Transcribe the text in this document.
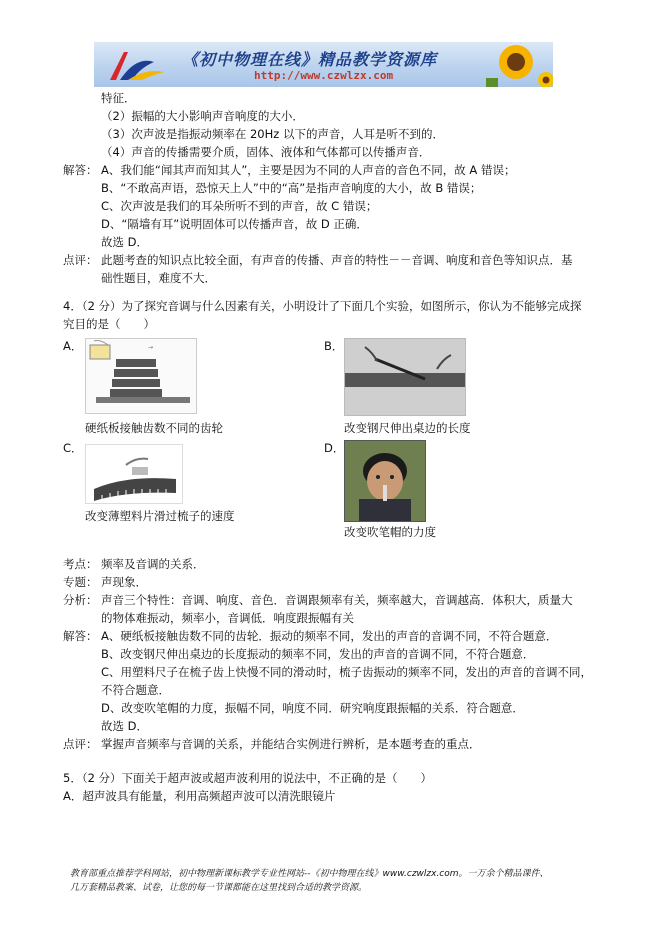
《初中物理在线》精品教学资源库
http://www.czwlzx.com
特征．
（2）振幅的大小影响声音响度的大小．
（3）次声波是指振动频率在 20Hz 以下的声音，人耳是听不到的．
（4）声音的传播需要介质，固体、液体和气体都可以传播声音．
解答： A、我们能“闻其声而知其人”，主要是因为不同的人声音的音色不同，故 A 错误；
B、“不敢高声语，恐惊天上人”中的“高”是指声音响度的大小，故 B 错误；
C、次声波是我们的耳朵所听不到的声音，故 C 错误；
D、“隔墙有耳”说明固体可以传播声音，故 D 正确．
故选 D．
点评： 此题考查的知识点比较全面，有声音的传播、声音的特性－－音调、响度和音色等知识点．基
础性题目，难度不大．
4．（2 分）为了探究音调与什么因素有关，小明设计了下面几个实验，如图所示，你认为不能够完成探
究目的是（　　）
A．	→
硬纸板接触齿数不同的齿轮
B．
改变钢尺伸出桌边的长度
C．
改变薄塑料片滑过梳子的速度
D．
改变吹笔帽的力度
考点： 频率及音调的关系．
专题： 声现象．
分析： 声音三个特性：音调、响度、音色．音调跟频率有关，频率越大，音调越高．体积大，质量大
的物体难振动，频率小，音调低．响度跟振幅有关
解答： A、硬纸板接触齿数不同的齿轮．振动的频率不同，发出的声音的音调不同，不符合题意．
B、改变钢尺伸出桌边的长度振动的频率不同，发出的声音的音调不同，不符合题意．
C、用塑料尺子在梳子齿上快慢不同的滑动时，梳子齿振动的频率不同，发出的声音的音调不同，
不符合题意．
D、改变吹笔帽的力度，振幅不同，响度不同．研究响度跟振幅的关系．符合题意．
故选 D．
点评： 掌握声音频率与音调的关系，并能结合实例进行辨析，是本题考查的重点．
5．（2 分）下面关于超声波或超声波利用的说法中，不正确的是（　　）
A．超声波具有能量，利用高频超声波可以清洗眼镜片
教育部重点推荐学科网站，初中物理新课标教学专业性网站--《初中物理在线》www.czwlzx.com。一万余个精品课件、
几万套精品教案、试卷，让您的每一节课都能在这里找到合适的教学资源。
